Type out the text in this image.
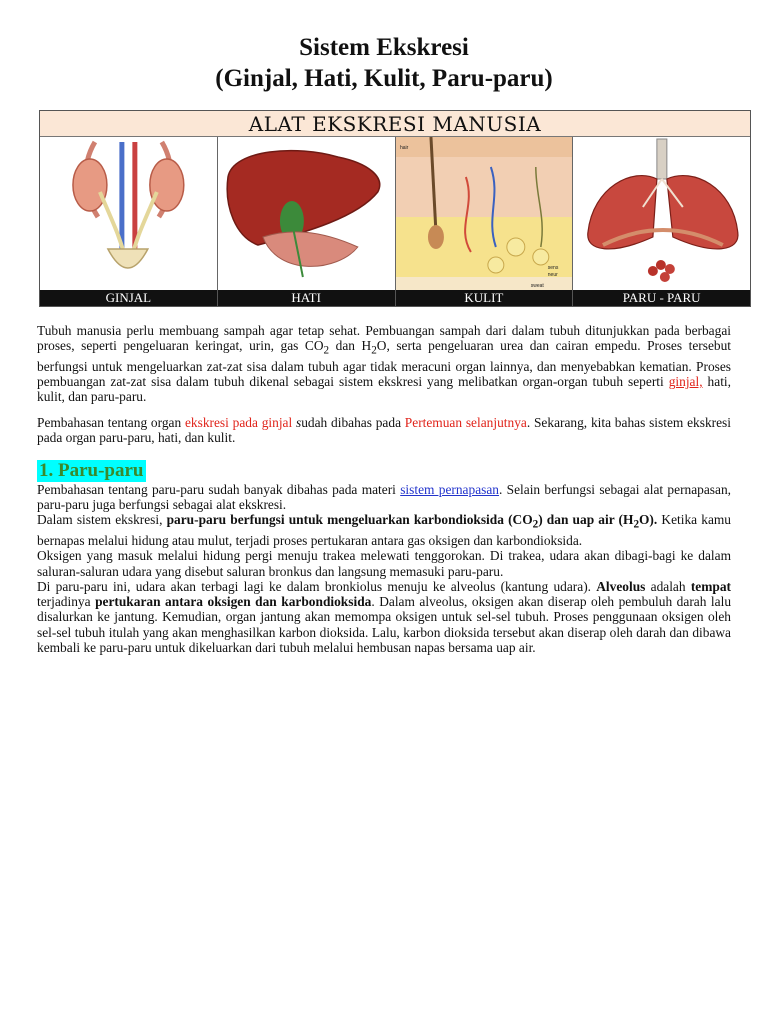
Sistem Ekskresi
(Ginjal, Hati, Kulit, Paru-paru)
ALAT EKSKRESI MANUSIA
hair
sweat
sens
neur
GINJAL	HATI	KULIT	PARU - PARU

Tubuh manusia perlu membuang sampah agar tetap sehat. Pembuangan sampah dari dalam tubuh ditunjukkan pada berbagai proses, seperti pengeluaran keringat, urin, gas $CO_2$ dan $H_2O$, serta pengeluaran urea dan cairan empedu. Proses tersebut berfungsi untuk mengeluarkan zat-zat sisa dalam tubuh agar tidak meracuni organ lainnya, dan menyebabkan kematian. Proses pembuangan zat-zat sisa dalam tubuh dikenal sebagai sistem ekskresi yang melibatkan organ-organ tubuh seperti ginjal, hati, kulit, dan paru-paru.

Pembahasan tentang organ ekskresi pada ginjal sudah dibahas pada Pertemuan selanjutnya. Sekarang, kita bahas sistem ekskresi pada organ paru-paru, hati, dan kulit.

1. Paru-paru

Pembahasan tentang paru-paru sudah banyak dibahas pada materi sistem pernapasan. Selain berfungsi sebagai alat pernapasan, paru-paru juga berfungsi sebagai alat ekskresi.

Dalam sistem ekskresi, paru-paru berfungsi untuk mengeluarkan karbondioksida $(CO_2)$ dan uap air $(H_2O)$. Ketika kamu bernapas melalui hidung atau mulut, terjadi proses pertukaran antara gas oksigen dan karbondioksida.

Oksigen yang masuk melalui hidung pergi menuju trakea melewati tenggorokan. Di trakea, udara akan dibagi-bagi ke dalam saluran-saluran udara yang disebut saluran bronkus dan langsung memasuki paru-paru.

Di paru-paru ini, udara akan terbagi lagi ke dalam bronkiolus menuju ke alveolus (kantung udara). Alveolus adalah tempat terjadinya pertukaran antara oksigen dan karbondioksida. Dalam alveolus, oksigen akan diserap oleh pembuluh darah lalu disalurkan ke jantung. Kemudian, organ jantung akan memompa oksigen untuk sel-sel tubuh. Proses penggunaan oksigen oleh sel-sel tubuh itulah yang akan menghasilkan karbon dioksida. Lalu, karbon dioksida tersebut akan diserap oleh darah dan dibawa kembali ke paru-paru untuk dikeluarkan dari tubuh melalui hembusan napas bersama uap air.
